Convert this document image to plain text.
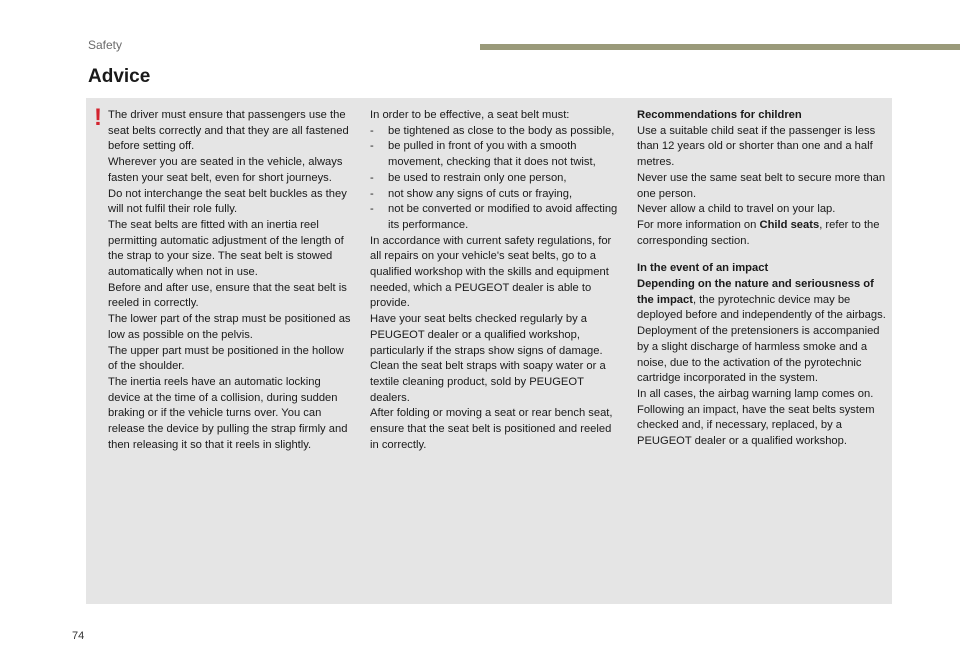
Safety
Advice
! The driver must ensure that passengers use the seat belts correctly and that they are all fastened before setting off.

Wherever you are seated in the vehicle, always fasten your seat belt, even for short journeys.

Do not interchange the seat belt buckles as they will not fulfil their role fully.

The seat belts are fitted with an inertia reel permitting automatic adjustment of the length of the strap to your size. The seat belt is stowed automatically when not in use.

Before and after use, ensure that the seat belt is reeled in correctly.

The lower part of the strap must be positioned as low as possible on the pelvis.

The upper part must be positioned in the hollow of the shoulder.

The inertia reels have an automatic locking device at the time of a collision, during sudden braking or if the vehicle turns over. You can release the device by pulling the strap firmly and then releasing it so that it reels in slightly.

In order to be effective, a seat belt must:

-	be tightened as close to the body as possible,
-	be pulled in front of you with a smooth movement, checking that it does not twist,
-	be used to restrain only one person,
-	not show any signs of cuts or fraying,
-	not be converted or modified to avoid affecting its performance.

In accordance with current safety regulations, for all repairs on your vehicle's seat belts, go to a qualified workshop with the skills and equipment needed, which a PEUGEOT dealer is able to provide.

Have your seat belts checked regularly by a PEUGEOT dealer or a qualified workshop, particularly if the straps show signs of damage.

Clean the seat belt straps with soapy water or a textile cleaning product, sold by PEUGEOT dealers.

After folding or moving a seat or rear bench seat, ensure that the seat belt is positioned and reeled in correctly.

Recommendations for children

Use a suitable child seat if the passenger is less than 12 years old or shorter than one and a half metres.

Never use the same seat belt to secure more than one person.

Never allow a child to travel on your lap.

For more information on Child seats, refer to the corresponding section.

In the event of an impact

Depending on the nature and seriousness of the impact, the pyrotechnic device may be deployed before and independently of the airbags. Deployment of the pretensioners is accompanied by a slight discharge of harmless smoke and a noise, due to the activation of the pyrotechnic cartridge incorporated in the system.

In all cases, the airbag warning lamp comes on.

Following an impact, have the seat belts system checked and, if necessary, replaced, by a PEUGEOT dealer or a qualified workshop.

74
